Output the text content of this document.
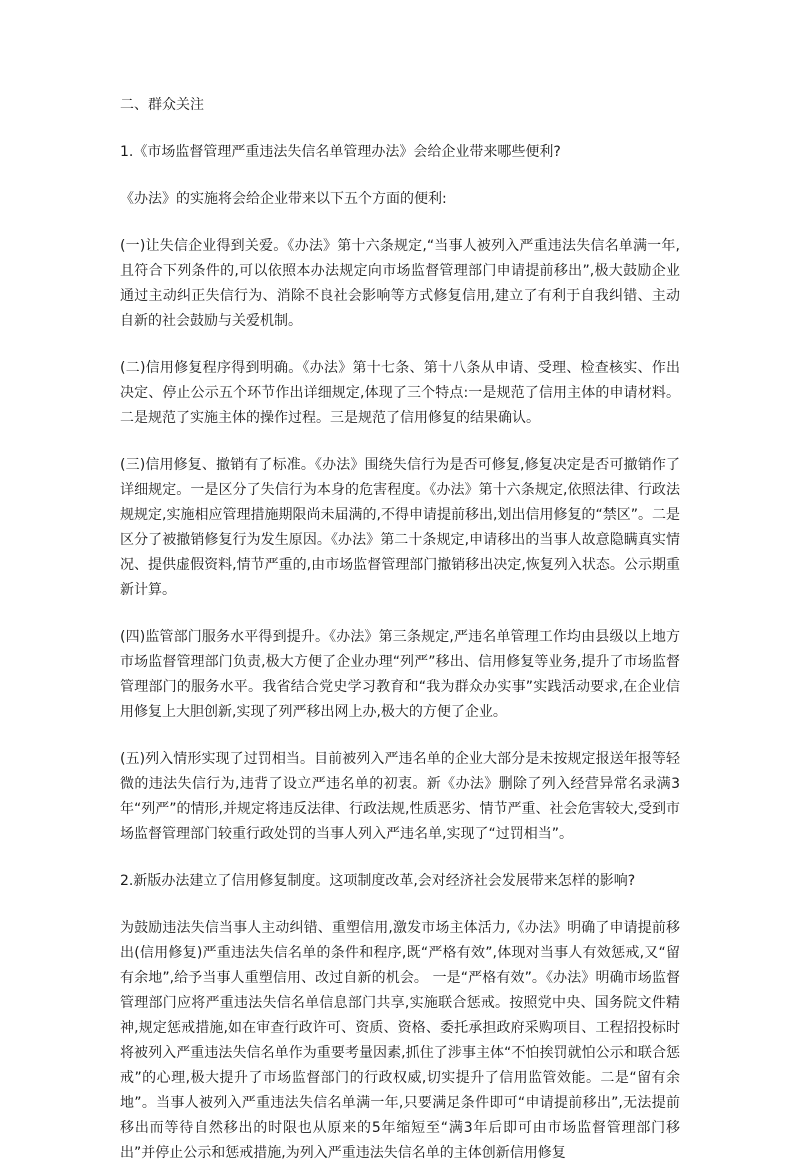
二、群众关注

1.《市场监督管理严重违法失信名单管理办法》会给企业带来哪些便利?

《办法》的实施将会给企业带来以下五个方面的便利:

(一)让失信企业得到关爱。《办法》第十六条规定,“当事人被列入严重违法失信名单满一年,且符合下列条件的,可以依照本办法规定向市场监督管理部门申请提前移出”,极大鼓励企业通过主动纠正失信行为、消除不良社会影响等方式修复信用,建立了有利于自我纠错、主动自新的社会鼓励与关爱机制。

(二)信用修复程序得到明确。《办法》第十七条、第十八条从申请、受理、检查核实、作出决定、停止公示五个环节作出详细规定,体现了三个特点:一是规范了信用主体的申请材料。二是规范了实施主体的操作过程。三是规范了信用修复的结果确认。

(三)信用修复、撤销有了标准。《办法》围绕失信行为是否可修复,修复决定是否可撤销作了详细规定。一是区分了失信行为本身的危害程度。《办法》第十六条规定,依照法律、行政法规规定,实施相应管理措施期限尚未届满的,不得申请提前移出,划出信用修复的“禁区”。二是区分了被撤销修复行为发生原因。《办法》第二十条规定,申请移出的当事人故意隐瞒真实情况、提供虚假资料,情节严重的,由市场监督管理部门撤销移出决定,恢复列入状态。公示期重新计算。

(四)监管部门服务水平得到提升。《办法》第三条规定,严违名单管理工作均由县级以上地方市场监督管理部门负责,极大方便了企业办理“列严”移出、信用修复等业务,提升了市场监督管理部门的服务水平。我省结合党史学习教育和“我为群众办实事”实践活动要求,在企业信用修复上大胆创新,实现了列严移出网上办,极大的方便了企业。

(五)列入情形实现了过罚相当。目前被列入严违名单的企业大部分是未按规定报送年报等轻微的违法失信行为,违背了设立严违名单的初衷。新《办法》删除了列入经营异常名录满3年“列严”的情形,并规定将违反法律、行政法规,性质恶劣、情节严重、社会危害较大,受到市场监督管理部门较重行政处罚的当事人列入严违名单,实现了“过罚相当”。

2.新版办法建立了信用修复制度。这项制度改革,会对经济社会发展带来怎样的影响?

为鼓励违法失信当事人主动纠错、重塑信用,激发市场主体活力,《办法》明确了申请提前移出(信用修复)严重违法失信名单的条件和程序,既“严格有效”,体现对当事人有效惩戒,又“留有余地”,给予当事人重塑信用、改过自新的机会。 一是“严格有效”。《办法》明确市场监督管理部门应将严重违法失信名单信息部门共享,实施联合惩戒。按照党中央、国务院文件精神,规定惩戒措施,如在审查行政许可、资质、资格、委托承担政府采购项目、工程招投标时将被列入严重违法失信名单作为重要考量因素,抓住了涉事主体“不怕挨罚就怕公示和联合惩戒”的心理,极大提升了市场监督部门的行政权威,切实提升了信用监管效能。二是“留有余地”。当事人被列入严重违法失信名单满一年,只要满足条件即可“申请提前移出”,无法提前移出而等待自然移出的时限也从原来的5年缩短至“满3年后即可由市场监督管理部门移出”并停止公示和惩戒措施,为列入严重违法失信名单的主体创新信用修复
